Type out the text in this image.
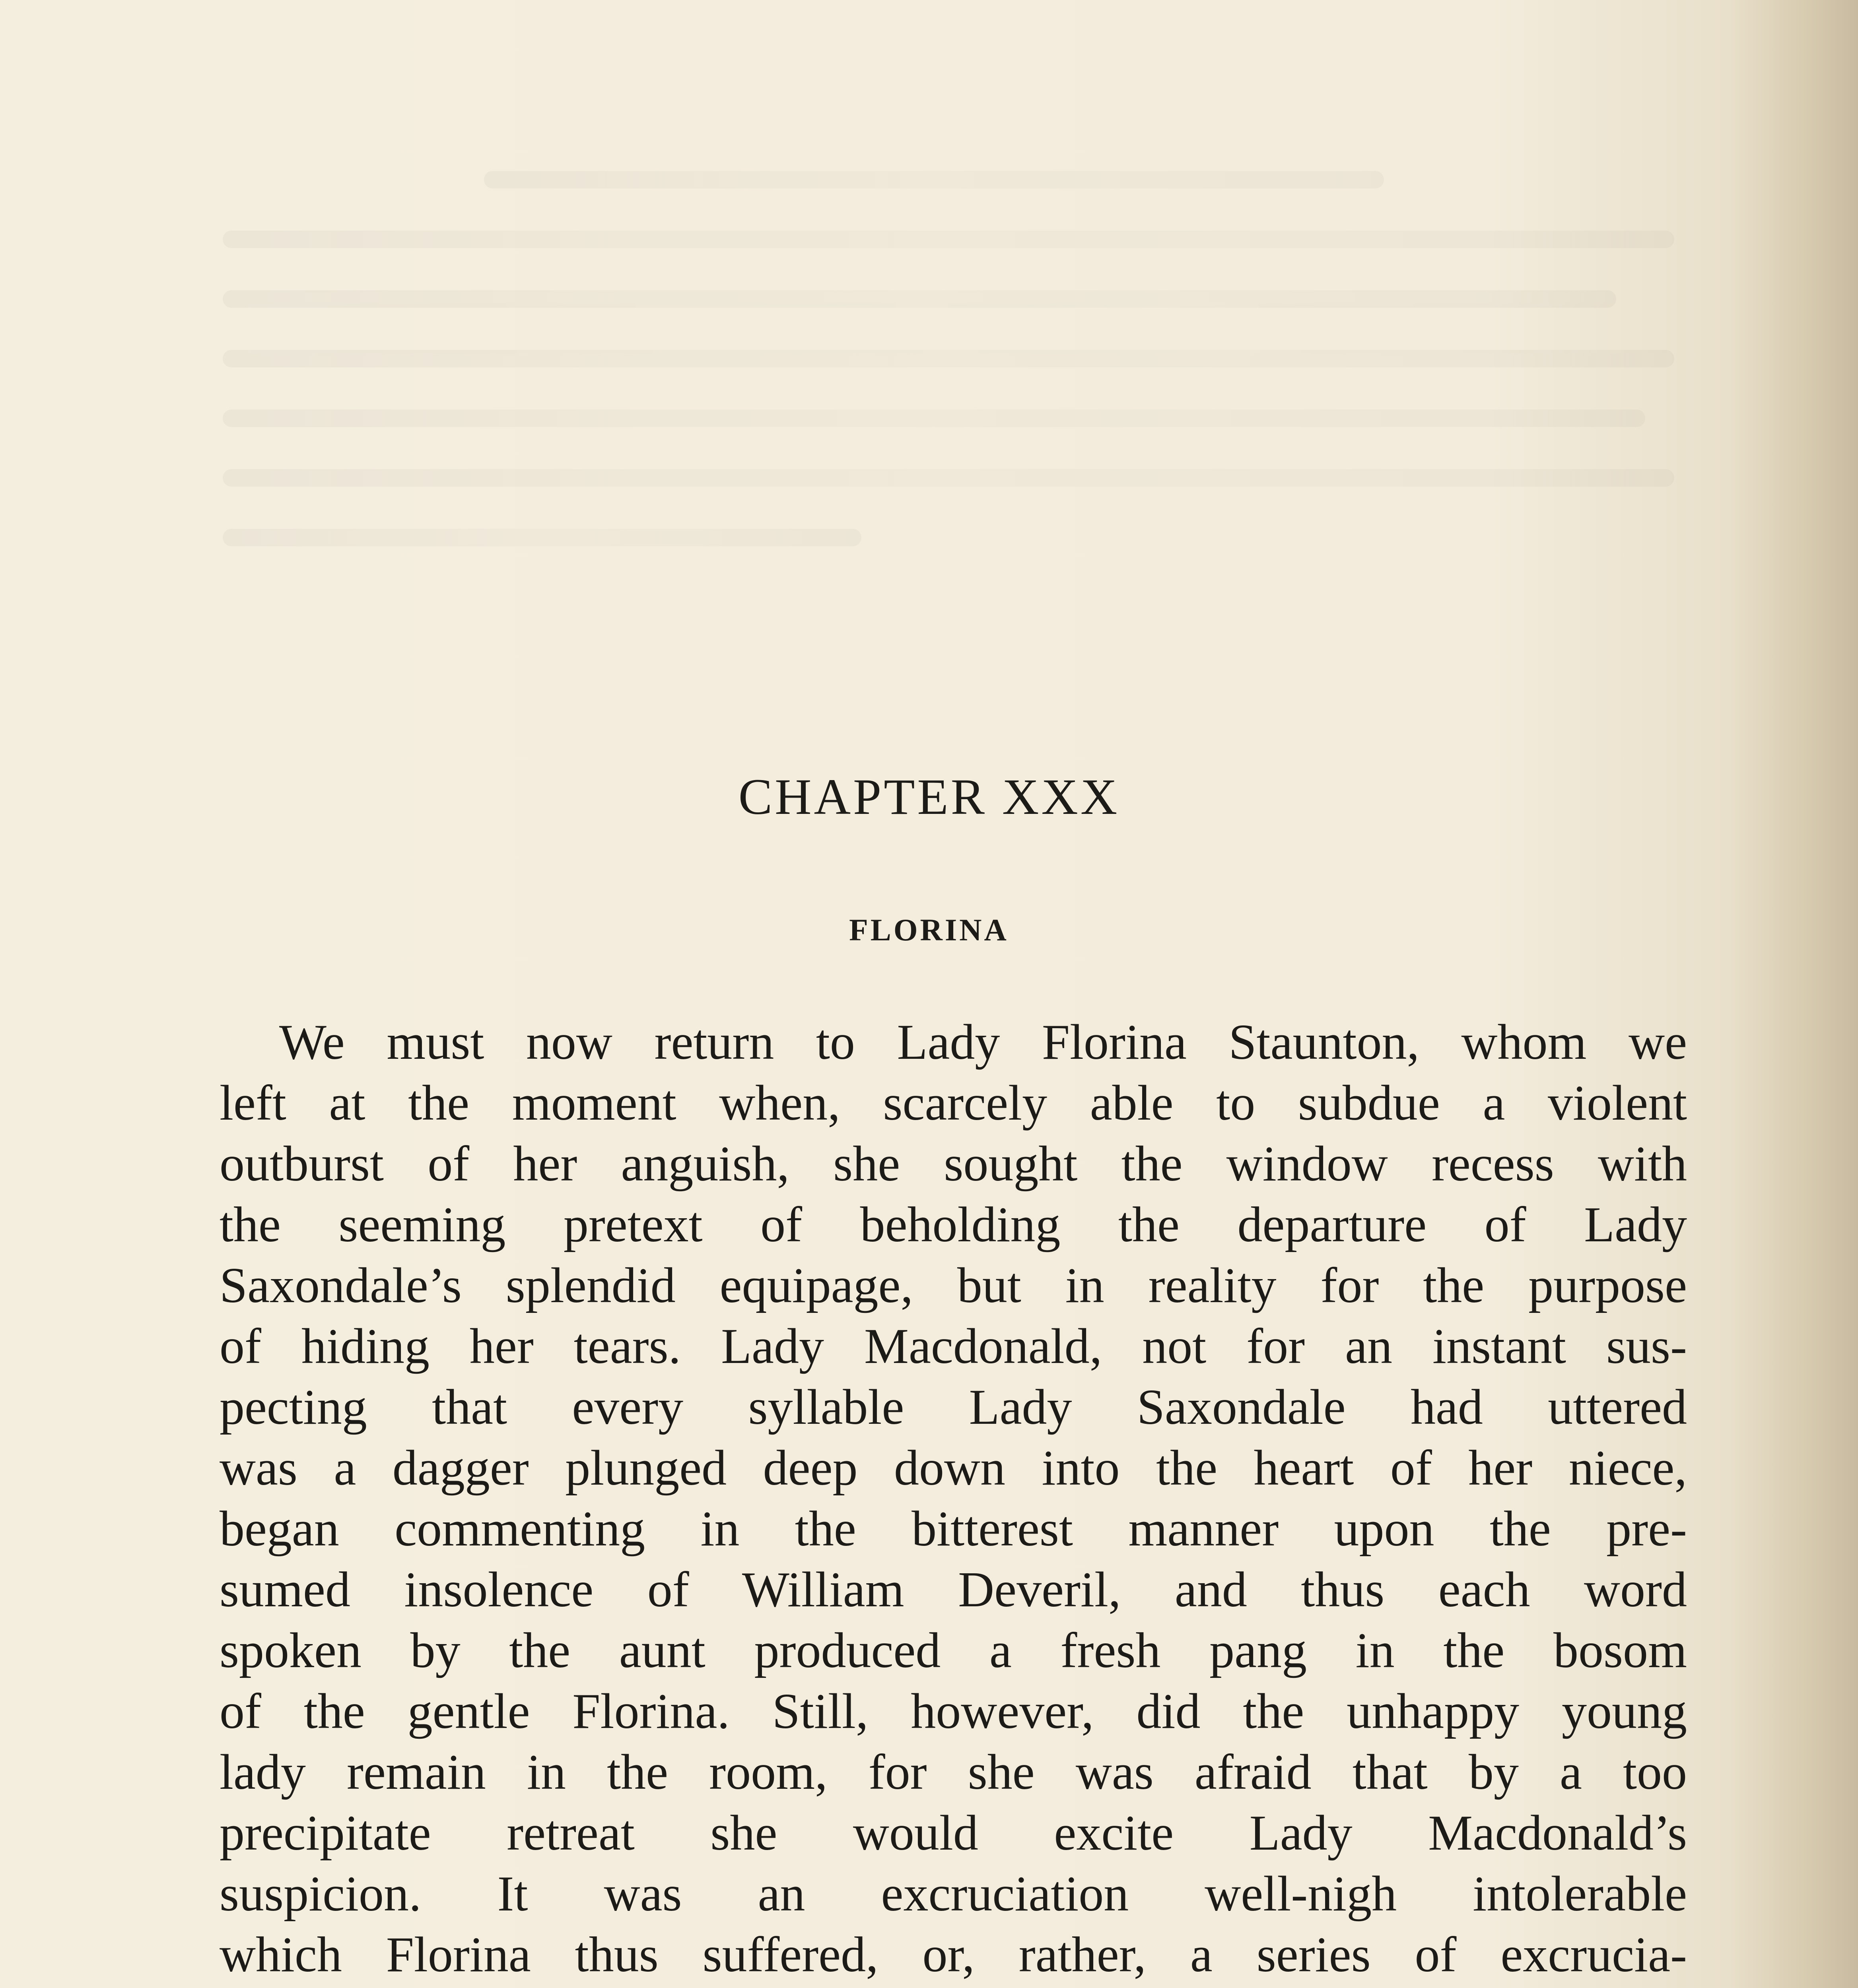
CHAPTER XXX
FLORINA
We must now return to Lady Florina Staunton, whom we
left at the moment when, scarcely able to subdue a violent
outburst of her anguish, she sought the window recess with
the seeming pretext of beholding the departure of Lady
Saxondale’s splendid equipage, but in reality for the purpose
of hiding her tears. Lady Macdonald, not for an instant sus-
pecting that every syllable Lady Saxondale had uttered
was a dagger plunged deep down into the heart of her niece,
began commenting in the bitterest manner upon the pre-
sumed insolence of William Deveril, and thus each word
spoken by the aunt produced a fresh pang in the bosom
of the gentle Florina. Still, however, did the unhappy young
lady remain in the room, for she was afraid that by a too
precipitate retreat she would excite Lady Macdonald’s
suspicion. It was an excruciation well-nigh intolerable
which Florina thus suffered, or, rather, a series of excrucia-
